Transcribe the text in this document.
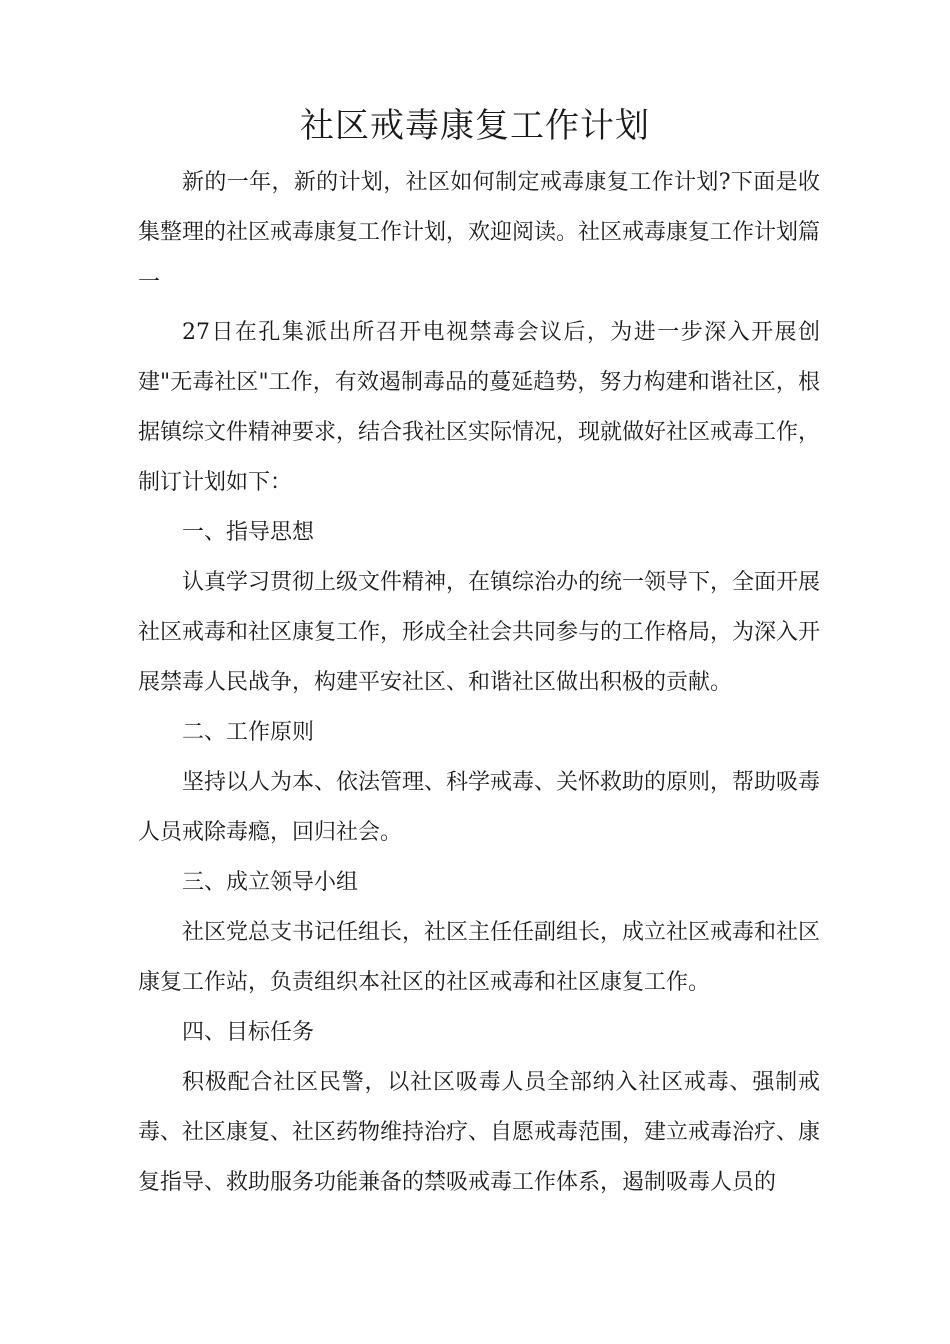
社区戒毒康复工作计划

新的一年，新的计划，社区如何制定戒毒康复工作计划?下面是收集整理的社区戒毒康复工作计划，欢迎阅读。社区戒毒康复工作计划篇一

27日在孔集派出所召开电视禁毒会议后，为进一步深入开展创建"无毒社区"工作，有效遏制毒品的蔓延趋势，努力构建和谐社区，根据镇综文件精神要求，结合我社区实际情况，现就做好社区戒毒工作，制订计划如下：

一、指导思想

认真学习贯彻上级文件精神，在镇综治办的统一领导下，全面开展社区戒毒和社区康复工作，形成全社会共同参与的工作格局，为深入开展禁毒人民战争，构建平安社区、和谐社区做出积极的贡献。

二、工作原则

坚持以人为本、依法管理、科学戒毒、关怀救助的原则，帮助吸毒人员戒除毒瘾，回归社会。

三、成立领导小组

社区党总支书记任组长，社区主任任副组长，成立社区戒毒和社区康复工作站，负责组织本社区的社区戒毒和社区康复工作。

四、目标任务

积极配合社区民警，以社区吸毒人员全部纳入社区戒毒、强制戒毒、社区康复、社区药物维持治疗、自愿戒毒范围，建立戒毒治疗、康复指导、救助服务功能兼备的禁吸戒毒工作体系，遏制吸毒人员的
